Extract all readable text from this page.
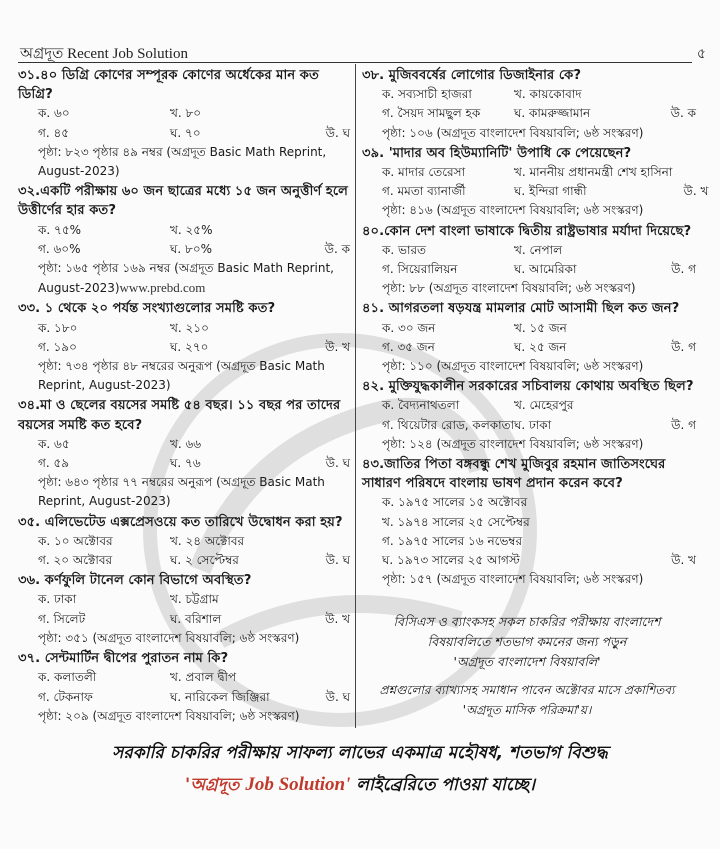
অগ্রদূত Recent Job Solution	৫
৩১.৪০ ডিগ্রি কোণের সম্পূরক কোণের অর্ধেকের মান কত ডিগ্রি?
ক. ৬০	খ. ৮০
গ. ৪৫	ঘ. ৭০	উ. ঘ
পৃষ্ঠা: ৮২৩ পৃষ্ঠার ৪৯ নম্বর (অগ্রদূত Basic Math Reprint, August-2023)
৩২.একটি পরীক্ষায় ৬০ জন ছাত্রের মধ্যে ১৫ জন অনুত্তীর্ণ হলে উত্তীর্ণের হার কত?
ক. ৭৫%	খ. ২৫%
গ. ৬০%	ঘ. ৮০%	উ. ক
পৃষ্ঠা: ১৬৫ পৃষ্ঠার ১৬৯ নম্বর (অগ্রদূত Basic Math Reprint, August-2023)www.prebd.com
৩৩. ১ থেকে ২০ পর্যন্ত সংখ্যাগুলোর সমষ্টি কত?
ক. ১৮০	খ. ২১০
গ. ১৯০	ঘ. ২৭০	উ. খ
পৃষ্ঠা: ৭৩৪ পৃষ্ঠার ৪৮ নম্বরের অনুরূপ (অগ্রদূত Basic Math Reprint, August-2023)
৩৪.মা ও ছেলের বয়সের সমষ্টি ৫৪ বছর। ১১ বছর পর তাদের বয়সের সমষ্টি কত হবে?
ক. ৬৫	খ. ৬৬
গ. ৫৯	ঘ. ৭৬	উ. ঘ
পৃষ্ঠা: ৬৪৩ পৃষ্ঠার ৭৭ নম্বরের অনুরূপ (অগ্রদূত Basic Math Reprint, August-2023)
৩৫. এলিভেটেড এক্সপ্রেসওয়ে কত তারিখে উদ্বোধন করা হয়?
ক. ১০ অক্টোবর	খ. ২৪ অক্টোবর
গ. ২০ অক্টোবর	ঘ. ২ সেপ্টেম্বর	উ. ঘ
৩৬. কর্ণফুলি টানেল কোন বিভাগে অবস্থিত?
ক. ঢাকা	খ. চট্টগ্রাম
গ. সিলেট	ঘ. বরিশাল	উ. খ
পৃষ্ঠা: ৩৫১ (অগ্রদূত বাংলাদেশ বিষয়াবলি; ৬ষ্ঠ সংস্করণ)
৩৭. সেন্টমার্টিন দ্বীপের পুরাতন নাম কি?
ক. কলাতলী	খ. প্রবাল দ্বীপ
গ. টেকনাফ	ঘ. নারিকেল জিঞ্জিরা	উ. ঘ
পৃষ্ঠা: ২০৯ (অগ্রদূত বাংলাদেশ বিষয়াবলি; ৬ষ্ঠ সংস্করণ)
৩৮. মুজিববর্ষের লোগোর ডিজাইনার কে?
ক. সব্যসাচী হাজরা	খ. কায়কোবাদ
গ. সৈয়দ সামছুল হক	ঘ. কামরুজ্জামান	উ. ক
পৃষ্ঠা: ১০৬ (অগ্রদূত বাংলাদেশ বিষয়াবলি; ৬ষ্ঠ সংস্করণ)
৩৯. 'মাদার অব হিউম্যানিটি' উপাধি কে পেয়েছেন?
ক. মাদার তেরেসা	খ. মাননীয় প্রধানমন্ত্রী শেখ হাসিনা
গ. মমতা ব্যানার্জী	ঘ. ইন্দিরা গান্ধী	উ. খ
পৃষ্ঠা: ৪১৬ (অগ্রদূত বাংলাদেশ বিষয়াবলি; ৬ষ্ঠ সংস্করণ)
৪০.কোন দেশ বাংলা ভাষাকে দ্বিতীয় রাষ্ট্রভাষার মর্যাদা দিয়েছে?
ক. ভারত	খ. নেপাল
গ. সিয়েরালিয়ন	ঘ. আমেরিকা	উ. গ
পৃষ্ঠা: ৮৮ (অগ্রদূত বাংলাদেশ বিষয়াবলি; ৬ষ্ঠ সংস্করণ)
৪১. আগরতলা ষড়যন্ত্র মামলার মোট আসামী ছিল কত জন?
ক. ৩০ জন	খ. ১৫ জন
গ. ৩৫ জন	ঘ. ২৫ জন	উ. গ
পৃষ্ঠা: ১১০ (অগ্রদূত বাংলাদেশ বিষয়াবলি; ৬ষ্ঠ সংস্করণ)
৪২. মুক্তিযুদ্ধকালীন সরকারের সচিবালয় কোথায় অবস্থিত ছিল?
ক. বৈদ্যনাথতলা	খ. মেহেরপুর
গ. থিয়েটার রোড, কলকাতা ঘ. ঢাকা	উ. গ
পৃষ্ঠা: ১২৪ (অগ্রদূত বাংলাদেশ বিষয়াবলি; ৬ষ্ঠ সংস্করণ)
৪৩.জাতির পিতা বঙ্গবন্ধু শেখ মুজিবুর রহমান জাতিসংঘের সাধারণ পরিষদে বাংলায় ভাষণ প্রদান করেন কবে?
ক. ১৯৭৫ সালের ১৫ অক্টোবর
খ. ১৯৭৪ সালের ২৫ সেপ্টেম্বর
গ. ১৯৭৫ সালের ১৬ নভেম্বর
ঘ. ১৯৭৩ সালের ২৫ আগস্ট	উ. খ
পৃষ্ঠা: ১৫৭ (অগ্রদূত বাংলাদেশ বিষয়াবলি; ৬ষ্ঠ সংস্করণ)
বিসিএস ও ব্যাংকসহ সকল চাকরির পরীক্ষায় বাংলাদেশ
বিষয়াবলিতে শতভাগ কমনের জন্য পড়ুন
'অগ্রদূত বাংলাদেশ বিষয়াবলি'
প্রশ্নগুলোর ব্যাখ্যাসহ সমাধান পাবেন অক্টোবর মাসে প্রকাশিতব্য
'অগ্রদূত মাসিক পরিক্রমা'য়।
সরকারি চাকরির পরীক্ষায় সাফল্য লাভের একমাত্র মহৌষধ, শতভাগ বিশুদ্ধ
'অগ্রদূত Job Solution' লাইব্রেরিতে পাওয়া যাচ্ছে।
